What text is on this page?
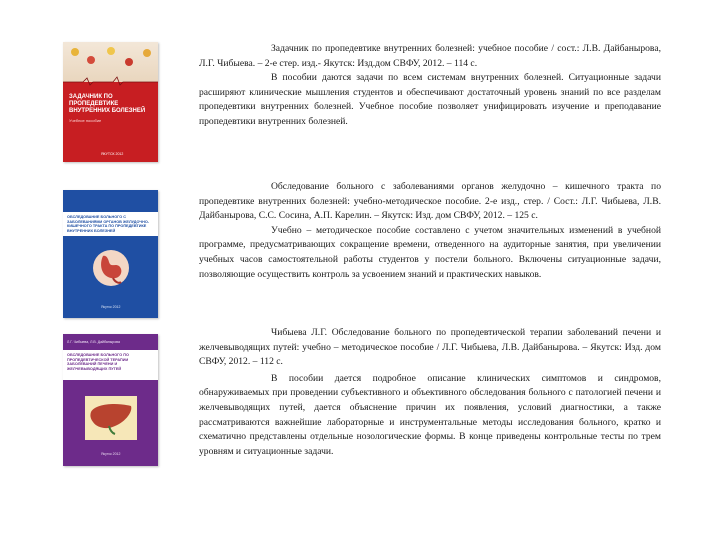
ЗАДАЧНИК ПО ПРОПЕДЕВТИКЕ ВНУТРЕННИХ БОЛЕЗНЕЙ
Учебное пособие
ЯКУТСК 2012

Задачник по пропедевтике внутренних болезней: учебное пособие / сост.: Л.В. Дайбанырова, Л.Г. Чибыева. – 2-е стер. изд.- Якутск: Изд.дом СВФУ, 2012. – 114 с.

В пособии даются задачи по всем системам внутренних болезней. Ситуационные задачи расширяют клинические мышления студентов и обеспечивают достаточный уровень знаний по все разделам пропедевтики внутренних болезней. Учебное пособие позволяет унифицировать изучение и преподавание пропедевтики внутренних болезней.

ОБСЛЕДОВАНИЕ БОЛЬНОГО С ЗАБОЛЕВАНИЯМИ ОРГАНОВ ЖЕЛУДОЧНО-КИШЕЧНОГО ТРАКТА ПО ПРОПЕДЕВТИКЕ ВНУТРЕННИХ БОЛЕЗНЕЙ
Якутск 2012

Обследование больного с заболеваниями органов желудочно – кишечного тракта по пропедевтике внутренних болезней: учебно-методическое пособие. 2-е изд., стер. / Сост.: Л.Г. Чибыева, Л.В. Дайбанырова, С.С. Сосина, А.П. Карелин. – Якутск: Изд. дом СВФУ, 2012. – 125 с.

Учебно – методическое пособие составлено с учетом значительных изменений в учебной программе, предусматривающих сокращение времени, отведенного на аудиторные занятия, при увеличении учебных часов самостоятельной работы студентов у постели больного. Включены ситуационные задачи, позволяющие осуществить контроль за усвоением знаний и практических навыков.

Л.Г. Чибыева, Л.В. Дайбанырова
ОБСЛЕДОВАНИЕ БОЛЬНОГО ПО ПРОПЕДЕВТИЧЕСКОЙ ТЕРАПИИ ЗАБОЛЕВАНИЙ ПЕЧЕНИ И ЖЕЛЧЕВЫВОДЯЩИХ ПУТЕЙ
Якутск 2012

Чибыева Л.Г. Обследование больного по пропедевтической терапии заболеваний печени и желчевыводящих путей: учебно – методическое пособие / Л.Г. Чибыева, Л.В. Дайбанырова. – Якутск: Изд. дом СВФУ, 2012. – 112 с.

В пособии дается подробное описание клинических симптомов и синдромов, обнаруживаемых при проведении субъективного и объективного обследования больного с патологией печени и желчевыводящих путей, дается объяснение причин их появления, условий диагностики, а также рассматриваются важнейшие лабораторные и инструментальные методы исследования больного, кратко и схематично представлены отдельные нозологические формы. В конце приведены контрольные тесты по трем уровням и ситуационные задачи.
